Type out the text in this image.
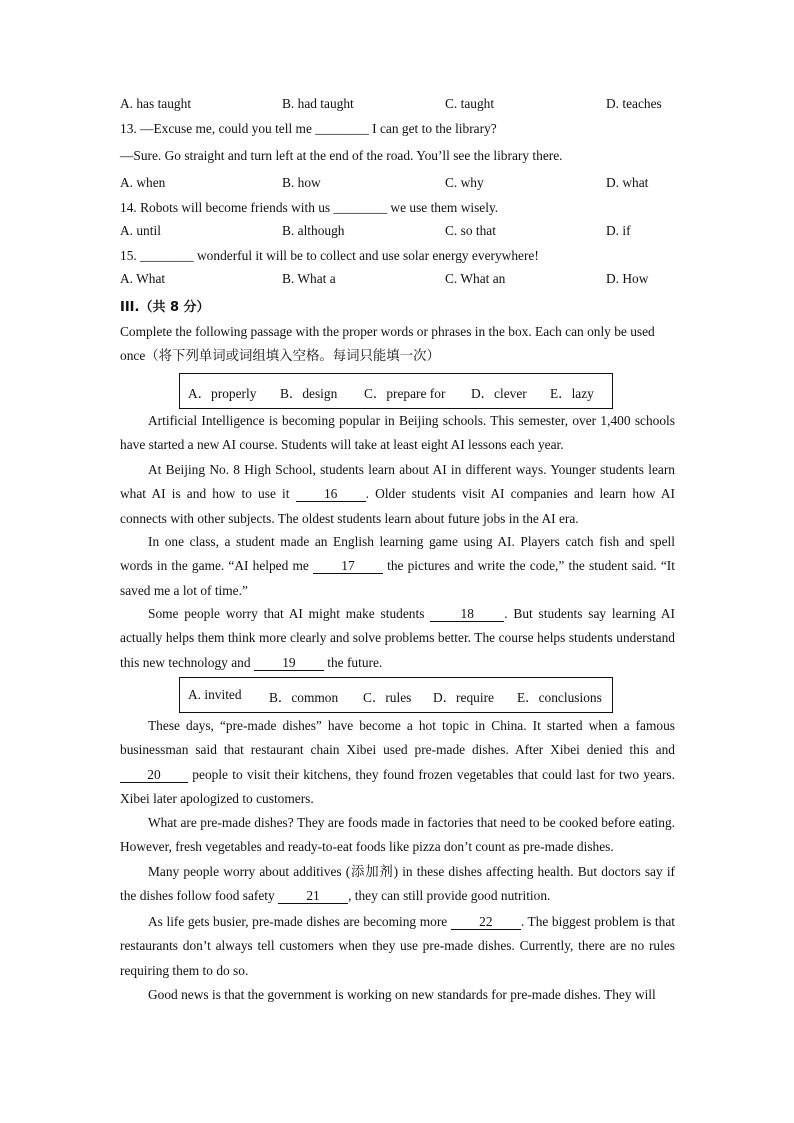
A. has taught	B. had taught	C. taught	D. teaches
13. —Excuse me, could you tell me ________ I can get to the library?
—Sure. Go straight and turn left at the end of the road. You’ll see the library there.
A. when	B. how	C. why	D. what
14. Robots will become friends with us ________ we use them wisely.
A. until	B. although	C. so that	D. if
15. ________ wonderful it will be to collect and use solar energy everywhere!
A. What	B. What a	C. What an	D. How
III.（共 8 分）
Complete the following passage with the proper words or phrases in the box. Each can only be used
once（将下列单词或词组填入空格。每词只能填一次）
A．properly B．design C．prepare for D．clever E．lazy
Artificial Intelligence is becoming popular in Beijing schools. This semester, over 1,400 schools have started a new AI course. Students will take at least eight AI lessons each year.
At Beijing No. 8 High School, students learn about AI in different ways. Younger students learn what AI is and how to use it 16 . Older students visit AI companies and learn how AI connects with other subjects. The oldest students learn about future jobs in the AI era.
In one class, a student made an English learning game using AI. Players catch fish and spell words in the game. “AI helped me 17 the pictures and write the code,” the student said. “It saved me a lot of time.”
Some people worry that AI might make students 18 . But students say learning AI actually helps them think more clearly and solve problems better. The course helps students understand this new technology and 19 the future.
A. invited B．common C．rules D．require E．conclusions
These days, “pre-made dishes” have become a hot topic in China. It started when a famous businessman said that restaurant chain Xibei used pre-made dishes. After Xibei denied this and 20 people to visit their kitchens, they found frozen vegetables that could last for two years. Xibei later apologized to customers.
What are pre-made dishes? They are foods made in factories that need to be cooked before eating. However, fresh vegetables and ready-to-eat foods like pizza don’t count as pre-made dishes.
Many people worry about additives (添加剂) in these dishes affecting health. But doctors say if the dishes follow food safety 21 , they can still provide good nutrition.
As life gets busier, pre-made dishes are becoming more 22 . The biggest problem is that restaurants don’t always tell customers when they use pre-made dishes. Currently, there are no rules requiring them to do so.
Good news is that the government is working on new standards for pre-made dishes. They will
